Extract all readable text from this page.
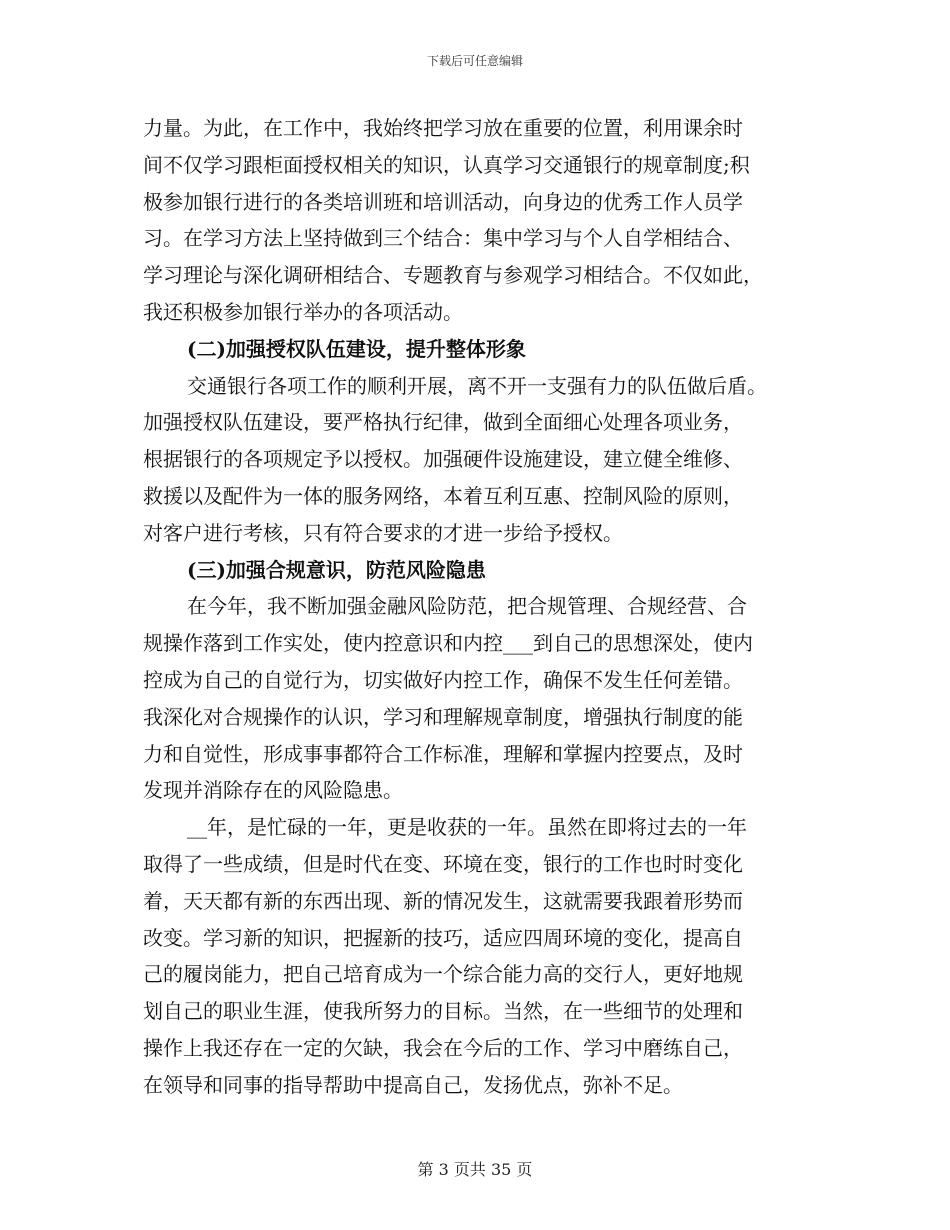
下载后可任意编辑
力量。为此，在工作中，我始终把学习放在重要的位置，利用课余时
间不仅学习跟柜面授权相关的知识，认真学习交通银行的规章制度;积
极参加银行进行的各类培训班和培训活动，向身边的优秀工作人员学
习。在学习方法上坚持做到三个结合：集中学习与个人自学相结合、
学习理论与深化调研相结合、专题教育与参观学习相结合。不仅如此，
我还积极参加银行举办的各项活动。
(二)加强授权队伍建设，提升整体形象
交通银行各项工作的顺利开展，离不开一支强有力的队伍做后盾。
加强授权队伍建设，要严格执行纪律，做到全面细心处理各项业务，
根据银行的各项规定予以授权。加强硬件设施建设，建立健全维修、
救援以及配件为一体的服务网络，本着互利互惠、控制风险的原则，
对客户进行考核，只有符合要求的才进一步给予授权。
(三)加强合规意识，防范风险隐患
在今年，我不断加强金融风险防范，把合规管理、合规经营、合
规操作落到工作实处，使内控意识和内控___到自己的思想深处，使内
控成为自己的自觉行为，切实做好内控工作，确保不发生任何差错。
我深化对合规操作的认识，学习和理解规章制度，增强执行制度的能
力和自觉性，形成事事都符合工作标准，理解和掌握内控要点，及时
发现并消除存在的风险隐患。
__年，是忙碌的一年，更是收获的一年。虽然在即将过去的一年
取得了一些成绩，但是时代在变、环境在变，银行的工作也时时变化
着，天天都有新的东西出现、新的情况发生，这就需要我跟着形势而
改变。学习新的知识，把握新的技巧，适应四周环境的变化，提高自
己的履岗能力，把自己培育成为一个综合能力高的交行人，更好地规
划自己的职业生涯，使我所努力的目标。当然，在一些细节的处理和
操作上我还存在一定的欠缺，我会在今后的工作、学习中磨练自己，
在领导和同事的指导帮助中提高自己，发扬优点，弥补不足。
第 3 页共 35 页
